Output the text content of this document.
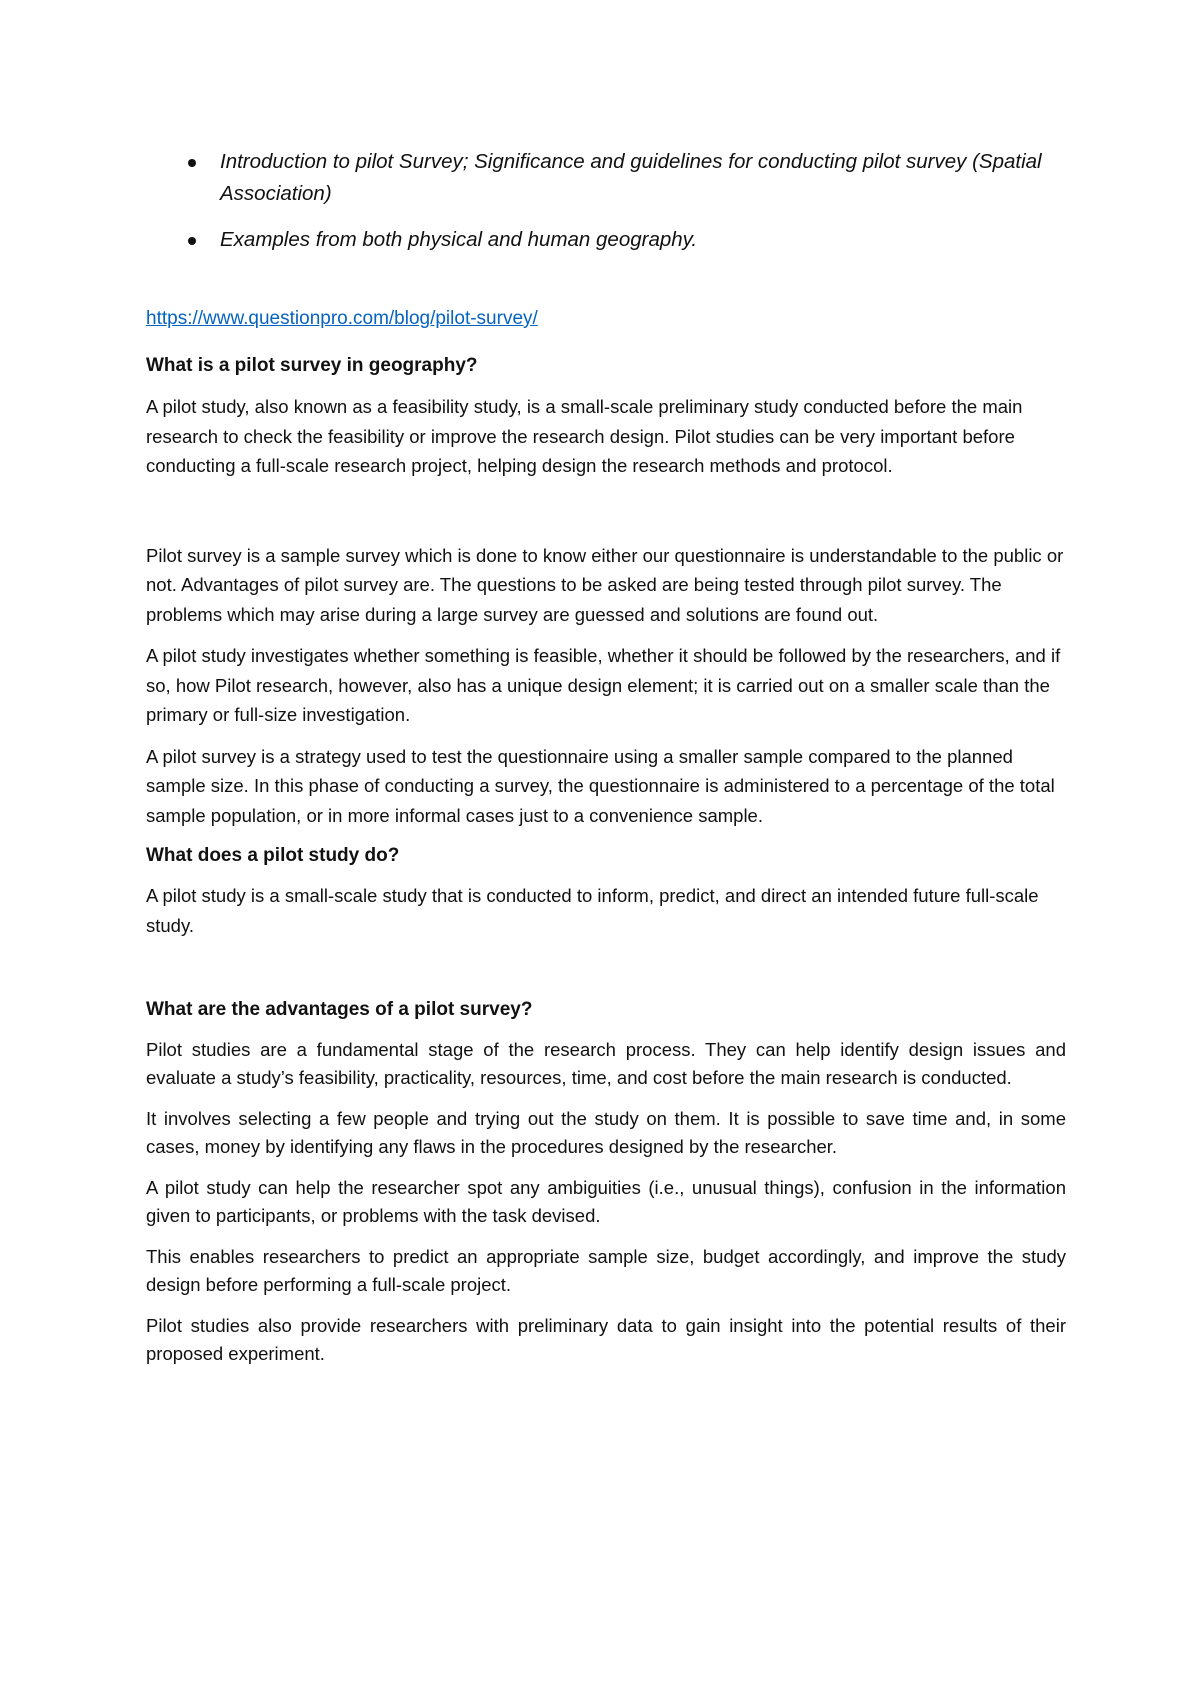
Introduction to pilot Survey; Significance and guidelines for conducting pilot survey (Spatial Association)
Examples from both physical and human geography.
https://www.questionpro.com/blog/pilot-survey/
What is a pilot survey in geography?

A pilot study, also known as a feasibility study, is a small-scale preliminary study conducted before the main research to check the feasibility or improve the research design. Pilot studies can be very important before conducting a full-scale research project, helping design the research methods and protocol.

Pilot survey is a sample survey which is done to know either our questionnaire is understandable to the public or not. Advantages of pilot survey are. The questions to be asked are being tested through pilot survey. The problems which may arise during a large survey are guessed and solutions are found out.

A pilot study investigates whether something is feasible, whether it should be followed by the researchers, and if so, how Pilot research, however, also has a unique design element; it is carried out on a smaller scale than the primary or full-size investigation.

A pilot survey is a strategy used to test the questionnaire using a smaller sample compared to the planned sample size. In this phase of conducting a survey, the questionnaire is administered to a percentage of the total sample population, or in more informal cases just to a convenience sample.

What does a pilot study do?

A pilot study is a small-scale study that is conducted to inform, predict, and direct an intended future full-scale study.

What are the advantages of a pilot survey?

Pilot studies are a fundamental stage of the research process. They can help identify design issues and evaluate a study’s feasibility, practicality, resources, time, and cost before the main research is conducted.

It involves selecting a few people and trying out the study on them. It is possible to save time and, in some cases, money by identifying any flaws in the procedures designed by the researcher.

A pilot study can help the researcher spot any ambiguities (i.e., unusual things), confusion in the information given to participants, or problems with the task devised.

This enables researchers to predict an appropriate sample size, budget accordingly, and improve the study design before performing a full-scale project.

Pilot studies also provide researchers with preliminary data to gain insight into the potential results of their proposed experiment.
